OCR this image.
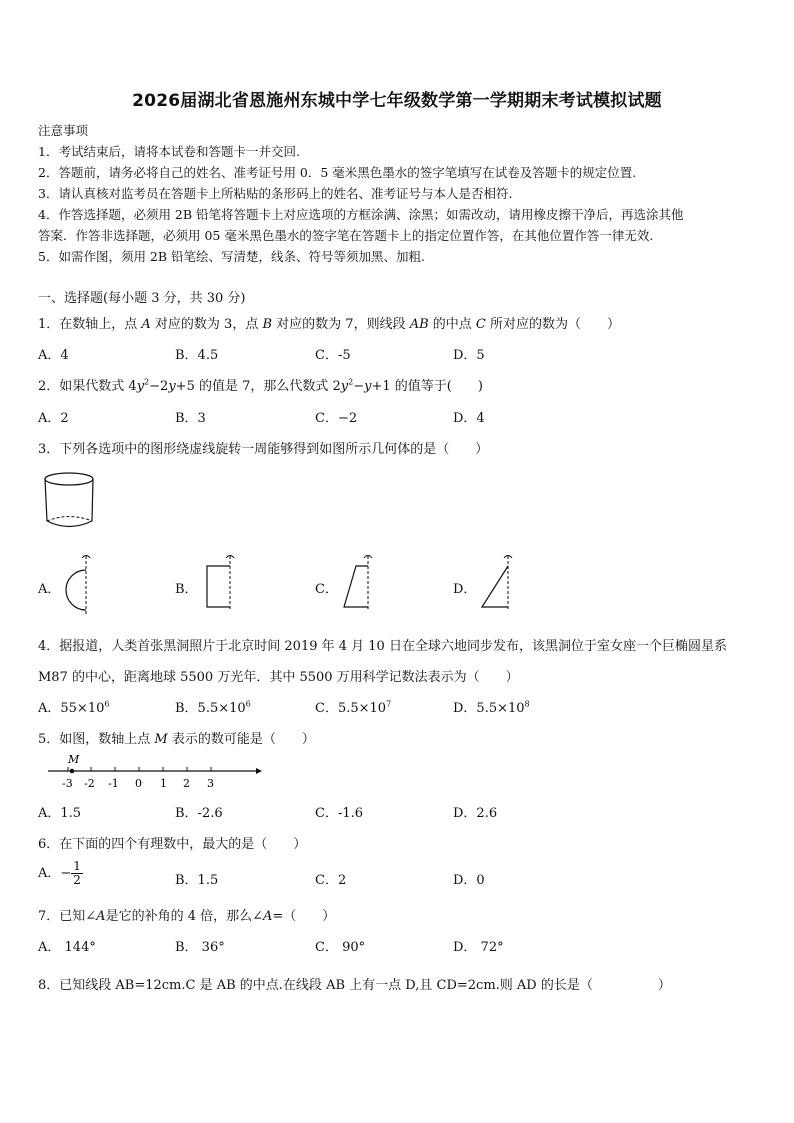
2026届湖北省恩施州东城中学七年级数学第一学期期末考试模拟试题
注意事项
1．考试结束后，请将本试卷和答题卡一并交回.
2．答题前，请务必将自己的姓名、准考证号用 0．5 毫米黑色墨水的签字笔填写在试卷及答题卡的规定位置.
3．请认真核对监考员在答题卡上所粘贴的条形码上的姓名、准考证号与本人是否相符.
4．作答选择题，必须用 2B 铅笔将答题卡上对应选项的方框涂满、涂黑；如需改动，请用橡皮擦干净后，再选涂其他
答案．作答非选择题，必须用 05 毫米黑色墨水的签字笔在答题卡上的指定位置作答，在其他位置作答一律无效.
5．如需作图，须用 2B 铅笔绘、写清楚，线条、符号等须加黑、加粗.
一、选择题(每小题 3 分，共 30 分)
1．在数轴上，点 A 对应的数为 3，点 B 对应的数为 7，则线段 AB 的中点 C 所对应的数为（　　）
A．4	B．4.5	C．-5	D．5
2．如果代数式 $4y^2-2y+5$ 的值是 7，那么代数式 $2y^2-y+1$ 的值等于(　　)
A．2	B．3	C．−2	D．4
3．下列各选项中的图形绕虚线旋转一周能够得到如图所示几何体的是（　　）
A．	B．	C．	D．
4．据报道，人类首张黑洞照片于北京时间 2019 年 4 月 10 日在全球六地同步发布，该黑洞位于室女座一个巨椭圆星系
M87 的中心，距离地球 5500 万光年．其中 5500 万用科学记数法表示为（　　）
A．$55\times 10^6$	B．$5.5\times 10^6$	C．$5.5\times 10^7$	D．$5.5\times 10^8$
5．如图，数轴上点 M 表示的数可能是（　　）
M
-3 -2 -1 0 1 2 3
A．1.5	B．-2.6	C．-1.6	D．2.6
6．在下面的四个有理数中，最大的是（　　）
A．− $\frac{1}{2}$	B．1.5	C．2	D．0
7．已知∠A是它的补角的 4 倍，那么∠A=（　　）
A． 144°	B． 36°	C． 90°	D． 72°
8．已知线段 AB=12cm.C 是 AB 的中点.在线段 AB 上有一点 D,且 CD=2cm.则 AD 的长是（　　　　　）
